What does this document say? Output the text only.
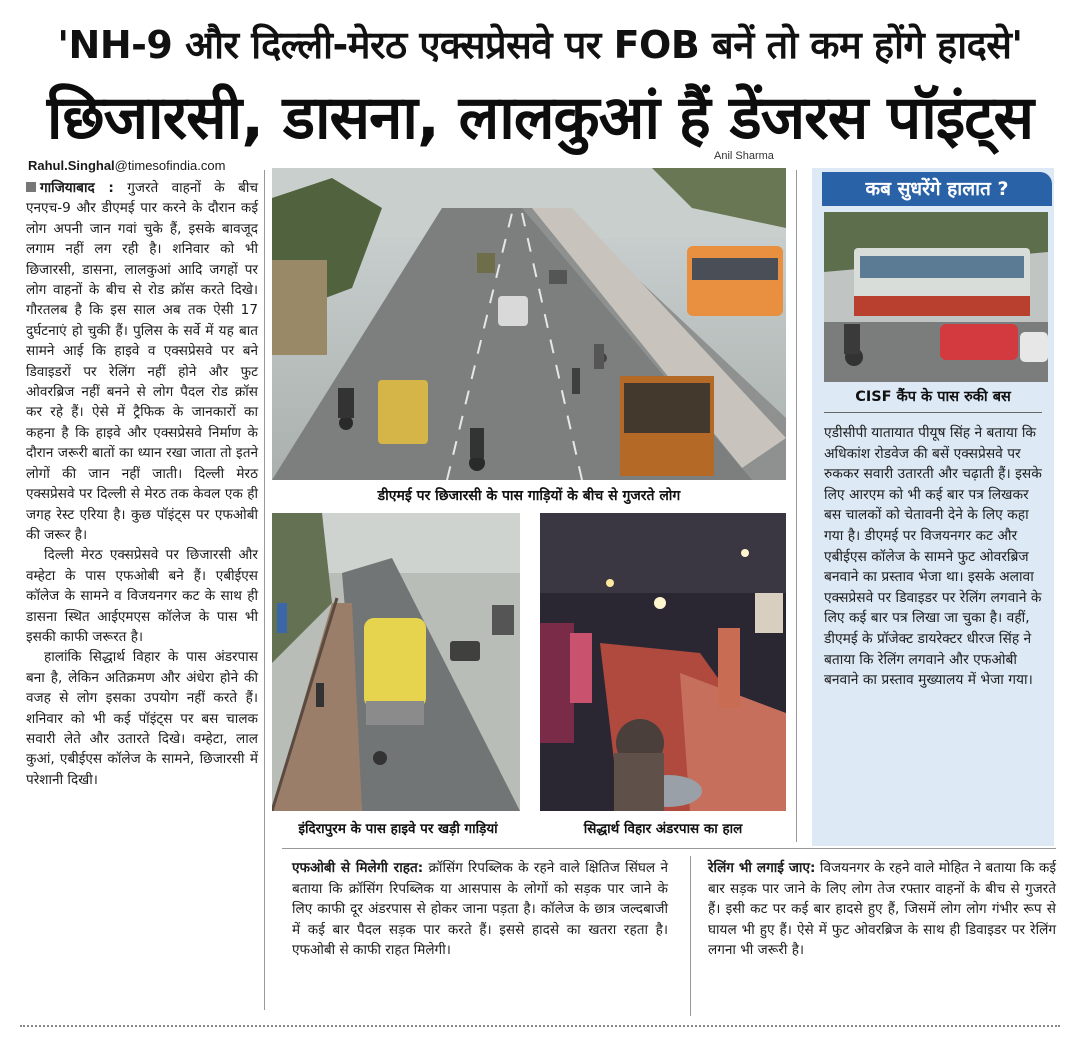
'NH-9 और दिल्ली-मेरठ एक्सप्रेसवे पर FOB बनें तो कम होंगे हादसे'
छिजारसी, डासना, लालकुआं हैं डेंजरस पॉइंट्स
Rahul.Singhal@timesofindia.com
Anil Sharma

गाजियाबाद : गुजरते वाहनों के बीच एनएच-9 और डीएमई पार करने के दौरान कई लोग अपनी जान गवां चुके हैं, इसके बावजूद लगाम नहीं लग रही है। शनिवार को भी छिजारसी, डासना, लालकुआं आदि जगहों पर लोग वाहनों के बीच से रोड क्रॉस करते दिखे। गौरतलब है कि इस साल अब तक ऐसी 17 दुर्घटनाएं हो चुकी हैं। पुलिस के सर्वे में यह बात सामने आई कि हाइवे व एक्सप्रेसवे पर बने डिवाइडरों पर रेलिंग नहीं होने और फुट ओवरब्रिज नहीं बनने से लोग पैदल रोड क्रॉस कर रहे हैं। ऐसे में ट्रैफिक के जानकारों का कहना है कि हाइवे और एक्सप्रेसवे निर्माण के दौरान जरूरी बातों का ध्यान रखा जाता तो इतने लोगों की जान नहीं जाती। दिल्ली मेरठ एक्सप्रेसवे पर दिल्ली से मेरठ तक केवल एक ही जगह रेस्ट एरिया है। कुछ पॉइंट्स पर एफओबी की जरूर है।

दिल्ली मेरठ एक्सप्रेसवे पर छिजारसी और वम्हेटा के पास एफओबी बने हैं। एबीईएस कॉलेज के सामने व विजयनगर कट के साथ ही डासना स्थित आईएमएस कॉलेज के पास भी इसकी काफी जरूरत है।

हालांकि सिद्धार्थ विहार के पास अंडरपास बना है, लेकिन अतिक्रमण और अंधेरा होने की वजह से लोग इसका उपयोग नहीं करते हैं। शनिवार को भी कई पॉइंट्स पर बस चालक सवारी लेते और उतारते दिखे। वम्हेटा, लाल कुआं, एबीईएस कॉलेज के सामने, छिजारसी में परेशानी दिखी।

डीएमई पर छिजारसी के पास गाड़ियों के बीच से गुजरते लोग
इंदिरापुरम के पास हाइवे पर खड़ी गाड़ियां	सिद्धार्थ विहार अंडरपास का हाल
कब सुधरेंगे हालात ?
CISF कैंप के पास रुकी बस
एडीसीपी यातायात पीयूष सिंह ने बताया कि अधिकांश रोडवेज की बसें एक्सप्रेसवे पर रुककर सवारी उतारती और चढ़ाती हैं। इसके लिए आरएम को भी कई बार पत्र लिखकर बस चालकों को चेतावनी देने के लिए कहा गया है। डीएमई पर विजयनगर कट और एबीईएस कॉलेज के सामने फुट ओवरब्रिज बनवाने का प्रस्ताव भेजा था। इसके अलावा एक्सप्रेसवे पर डिवाइडर पर रेलिंग लगवाने के लिए कई बार पत्र लिखा जा चुका है। वहीं, डीएमई के प्रॉजेक्ट डायरेक्टर धीरज सिंह ने बताया कि रेलिंग लगवाने और एफओबी बनवाने का प्रस्ताव मुख्यालय में भेजा गया।
एफओबी से मिलेगी राहत: क्रॉसिंग रिपब्लिक के रहने वाले क्षितिज सिंघल ने बताया कि क्रॉसिंग रिपब्लिक या आसपास के लोगों को सड़क पार जाने के लिए काफी दूर अंडरपास से होकर जाना पड़ता है। कॉलेज के छात्र जल्दबाजी में कई बार पैदल सड़क पार करते हैं। इससे हादसे का खतरा रहता है। एफओबी से काफी राहत मिलेगी।
रेलिंग भी लगाई जाए: विजयनगर के रहने वाले मोहित ने बताया कि कई बार सड़क पार जाने के लिए लोग तेज रफ्तार वाहनों के बीच से गुजरते हैं। इसी कट पर कई बार हादसे हुए हैं, जिसमें लोग लोग गंभीर रूप से घायल भी हुए हैं। ऐसे में फुट ओवरब्रिज के साथ ही डिवाइडर पर रेलिंग लगना भी जरूरी है।
